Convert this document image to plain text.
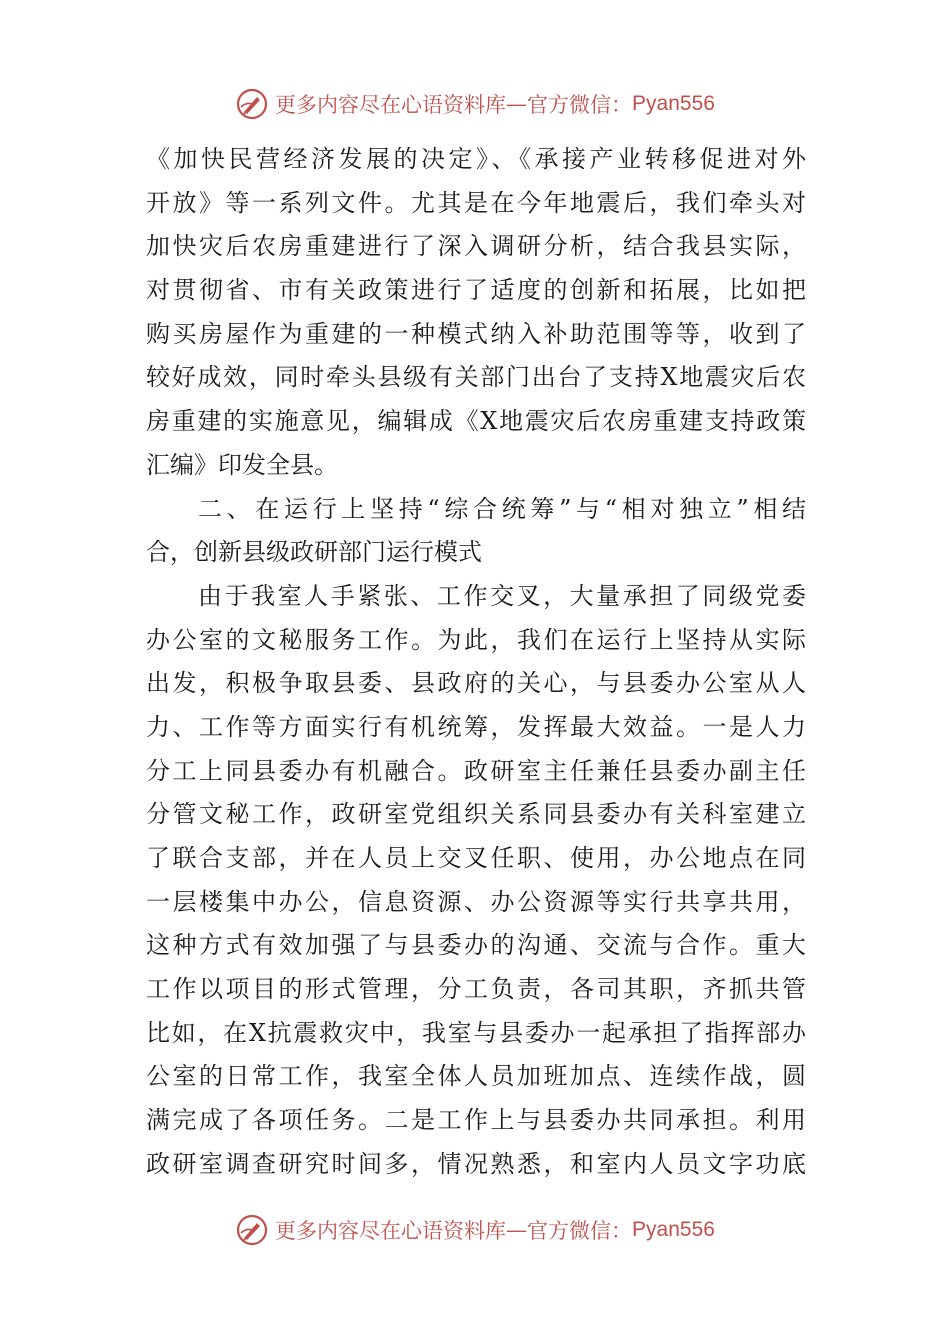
更多内容尽在心语资料库 — 官方微信： Pyan556
《加快民营经济发展的决定》、《承接产业转移促进对外
开放》等一系列文件。尤其是在今年地震后，我们牵头对
加快灾后农房重建进行了深入调研分析，结合我县实际，
对贯彻省、市有关政策进行了适度的创新和拓展，比如把
购买房屋作为重建的一种模式纳入补助范围等等，收到了
较好成效，同时牵头县级有关部门出台了支持X地震灾后农
房重建的实施意见，编辑成《X地震灾后农房重建支持政策
汇编》印发全县。
二、在运行上坚持“综合统筹”与“相对独立”相结
合，创新县级政研部门运行模式
由于我室人手紧张、工作交叉，大量承担了同级党委
办公室的文秘服务工作。为此，我们在运行上坚持从实际
出发，积极争取县委、县政府的关心，与县委办公室从人
力、工作等方面实行有机统筹，发挥最大效益。一是人力
分工上同县委办有机融合。政研室主任兼任县委办副主任
分管文秘工作，政研室党组织关系同县委办有关科室建立
了联合支部，并在人员上交叉任职、使用，办公地点在同
一层楼集中办公，信息资源、办公资源等实行共享共用，
这种方式有效加强了与县委办的沟通、交流与合作。重大
工作以项目的形式管理，分工负责，各司其职，齐抓共管
比如，在X抗震救灾中，我室与县委办一起承担了指挥部办
公室的日常工作，我室全体人员加班加点、连续作战，圆
满完成了各项任务。二是工作上与县委办共同承担。利用
政研室调查研究时间多，情况熟悉，和室内人员文字功底
更多内容尽在心语资料库 — 官方微信： Pyan556
